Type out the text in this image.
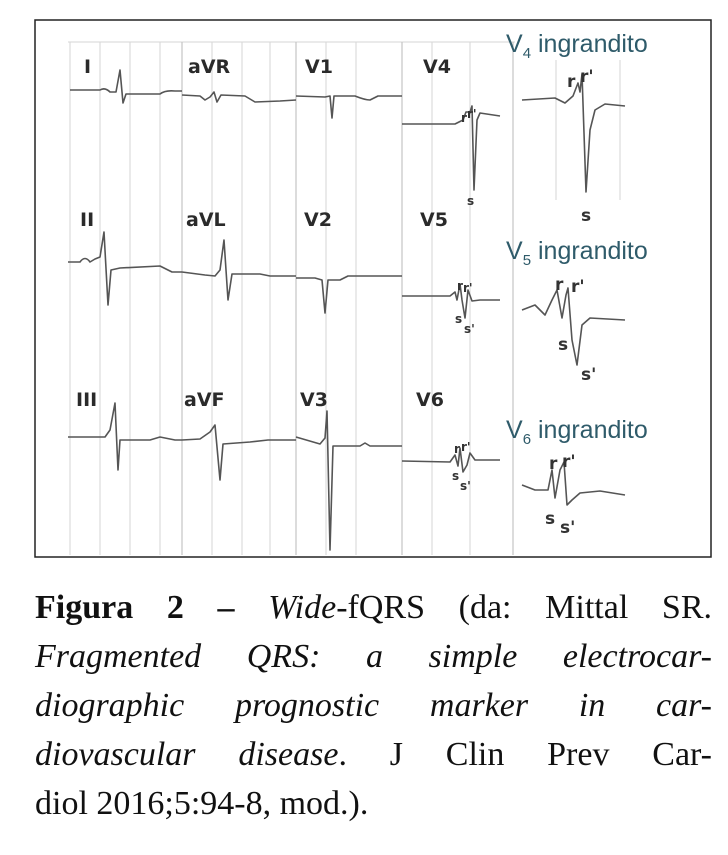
I	aVR	V1	V4
II	aVL	V2	V5
III	aVF	V3	V6
r r'
s
r r'
s
s'
r r'
s
s'
r r'
s
r r'
s
s'
r r'
s s'
$V_4$ ingrandito
$V_5$ ingrandito
$V_6$ ingrandito
Figura 2 – Wide-fQRS (da: Mittal SR.
Fragmented QRS: a simple electrocar-
diographic prognostic marker in car-
diovascular disease. J Clin Prev Car-
diol 2016;5:94-8, mod.).
